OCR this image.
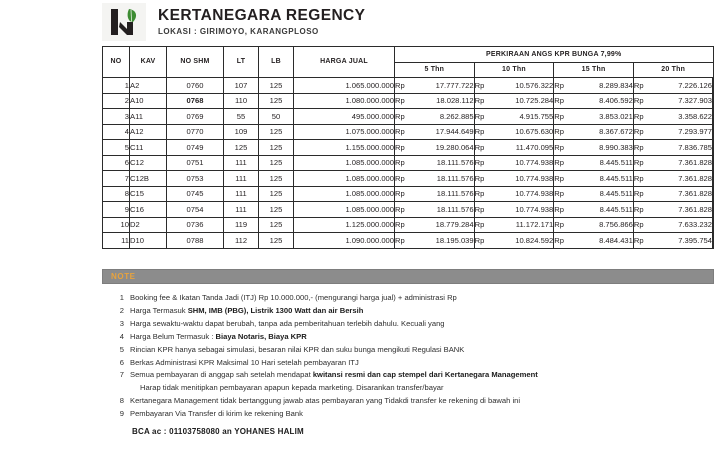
KERTANEGARA REGENCY
LOKASI : GIRIMOYO, KARANGPLOSO
NO	KAV	NO SHM	LT	LB	HARGA JUAL	PERKIRAAN ANGS KPR BUNGA 7,99%							
						5 Thn		10 Thn		15 Thn		20 Thn	
1	A2	0760	107	125	1.065.000.000	Rp	17.777.722	Rp	10.576.322	Rp	8.289.834	Rp	7.226.126
2	A10	0768	110	125	1.080.000.000	Rp	18.028.112	Rp	10.725.284	Rp	8.406.592	Rp	7.327.903
3	A11	0769	55	50	495.000.000	Rp	8.262.885	Rp	4.915.755	Rp	3.853.021	Rp	3.358.622
4	A12	0770	109	125	1.075.000.000	Rp	17.944.649	Rp	10.675.630	Rp	8.367.672	Rp	7.293.977
5	C11	0749	125	125	1.155.000.000	Rp	19.280.064	Rp	11.470.095	Rp	8.990.383	Rp	7.836.785
6	C12	0751	111	125	1.085.000.000	Rp	18.111.576	Rp	10.774.938	Rp	8.445.511	Rp	7.361.828
7	C12B	0753	111	125	1.085.000.000	Rp	18.111.576	Rp	10.774.938	Rp	8.445.511	Rp	7.361.828
8	C15	0745	111	125	1.085.000.000	Rp	18.111.576	Rp	10.774.938	Rp	8.445.511	Rp	7.361.828
9	C16	0754	111	125	1.085.000.000	Rp	18.111.576	Rp	10.774.938	Rp	8.445.511	Rp	7.361.828
10	D2	0736	119	125	1.125.000.000	Rp	18.779.284	Rp	11.172.171	Rp	8.756.866	Rp	7.633.232
11	D10	0788	112	125	1.090.000.000	Rp	18.195.039	Rp	10.824.592	Rp	8.484.431	Rp	7.395.754
NOTE
1 Booking fee & Ikatan Tanda Jadi (ITJ) Rp 10.000.000,- (mengurangi harga jual) + administrasi Rp
2 Harga Termasuk SHM, IMB (PBG), Listrik 1300 Watt dan air Bersih
3 Harga sewaktu-waktu dapat berubah, tanpa ada pemberitahuan terlebih dahulu. Kecuali yang
4 Harga Belum Termasuk : Biaya Notaris, Biaya KPR
5 Rincian KPR hanya sebagai simulasi, besaran nilai KPR dan suku bunga mengikuti Regulasi BANK
6 Berkas Administrasi KPR Maksimal 10 Hari setelah pembayaran ITJ
7 Semua pembayaran di anggap sah setelah mendapat kwitansi resmi dan cap stempel dari Kertanegara Management
Harap tidak menitipkan pembayaran apapun kepada marketing. Disarankan transfer/bayar
8 Kertanegara Management tidak bertanggung jawab atas pembayaran yang Tidakdi transfer ke rekening di bawah ini
9 Pembayaran Via Transfer di kirim ke rekening Bank
BCA ac : 01103758080 an YOHANES HALIM
